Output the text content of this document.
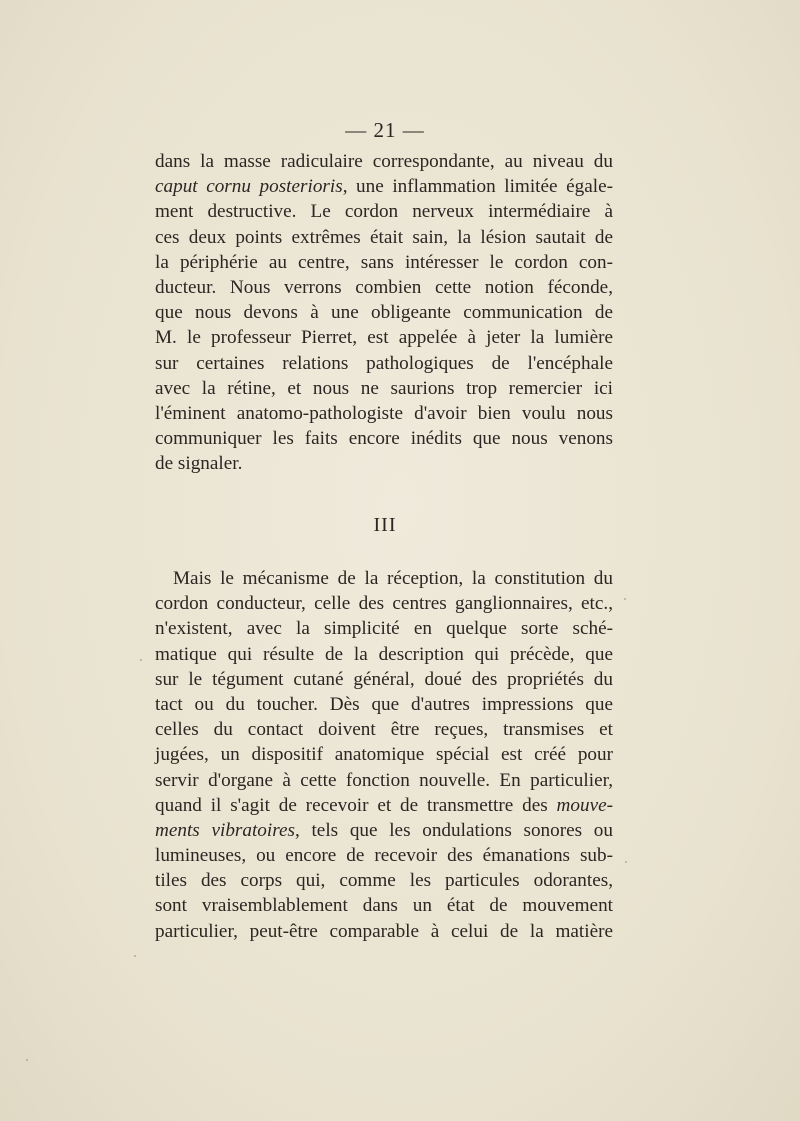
— 21 —
dans la masse radiculaire correspondante, au niveau du
caput cornu posterioris, une inflammation limitée égale-
ment destructive. Le cordon nerveux intermédiaire à
ces deux points extrêmes était sain, la lésion sautait de
la périphérie au centre, sans intéresser le cordon con-
ducteur. Nous verrons combien cette notion féconde,
que nous devons à une obligeante communication de
M. le professeur Pierret, est appelée à jeter la lumière
sur certaines relations pathologiques de l'encéphale
avec la rétine, et nous ne saurions trop remercier ici
l'éminent anatomo-pathologiste d'avoir bien voulu nous
communiquer les faits encore inédits que nous venons
de signaler.
III
Mais le mécanisme de la réception, la constitution du
cordon conducteur, celle des centres ganglionnaires, etc.,
n'existent, avec la simplicité en quelque sorte sché-
matique qui résulte de la description qui précède, que
sur le tégument cutané général, doué des propriétés du
tact ou du toucher. Dès que d'autres impressions que
celles du contact doivent être reçues, transmises et
jugées, un dispositif anatomique spécial est créé pour
servir d'organe à cette fonction nouvelle. En particulier,
quand il s'agit de recevoir et de transmettre des mouve-
ments vibratoires, tels que les ondulations sonores ou
lumineuses, ou encore de recevoir des émanations sub-
tiles des corps qui, comme les particules odorantes,
sont vraisemblablement dans un état de mouvement
particulier, peut-être comparable à celui de la matière
